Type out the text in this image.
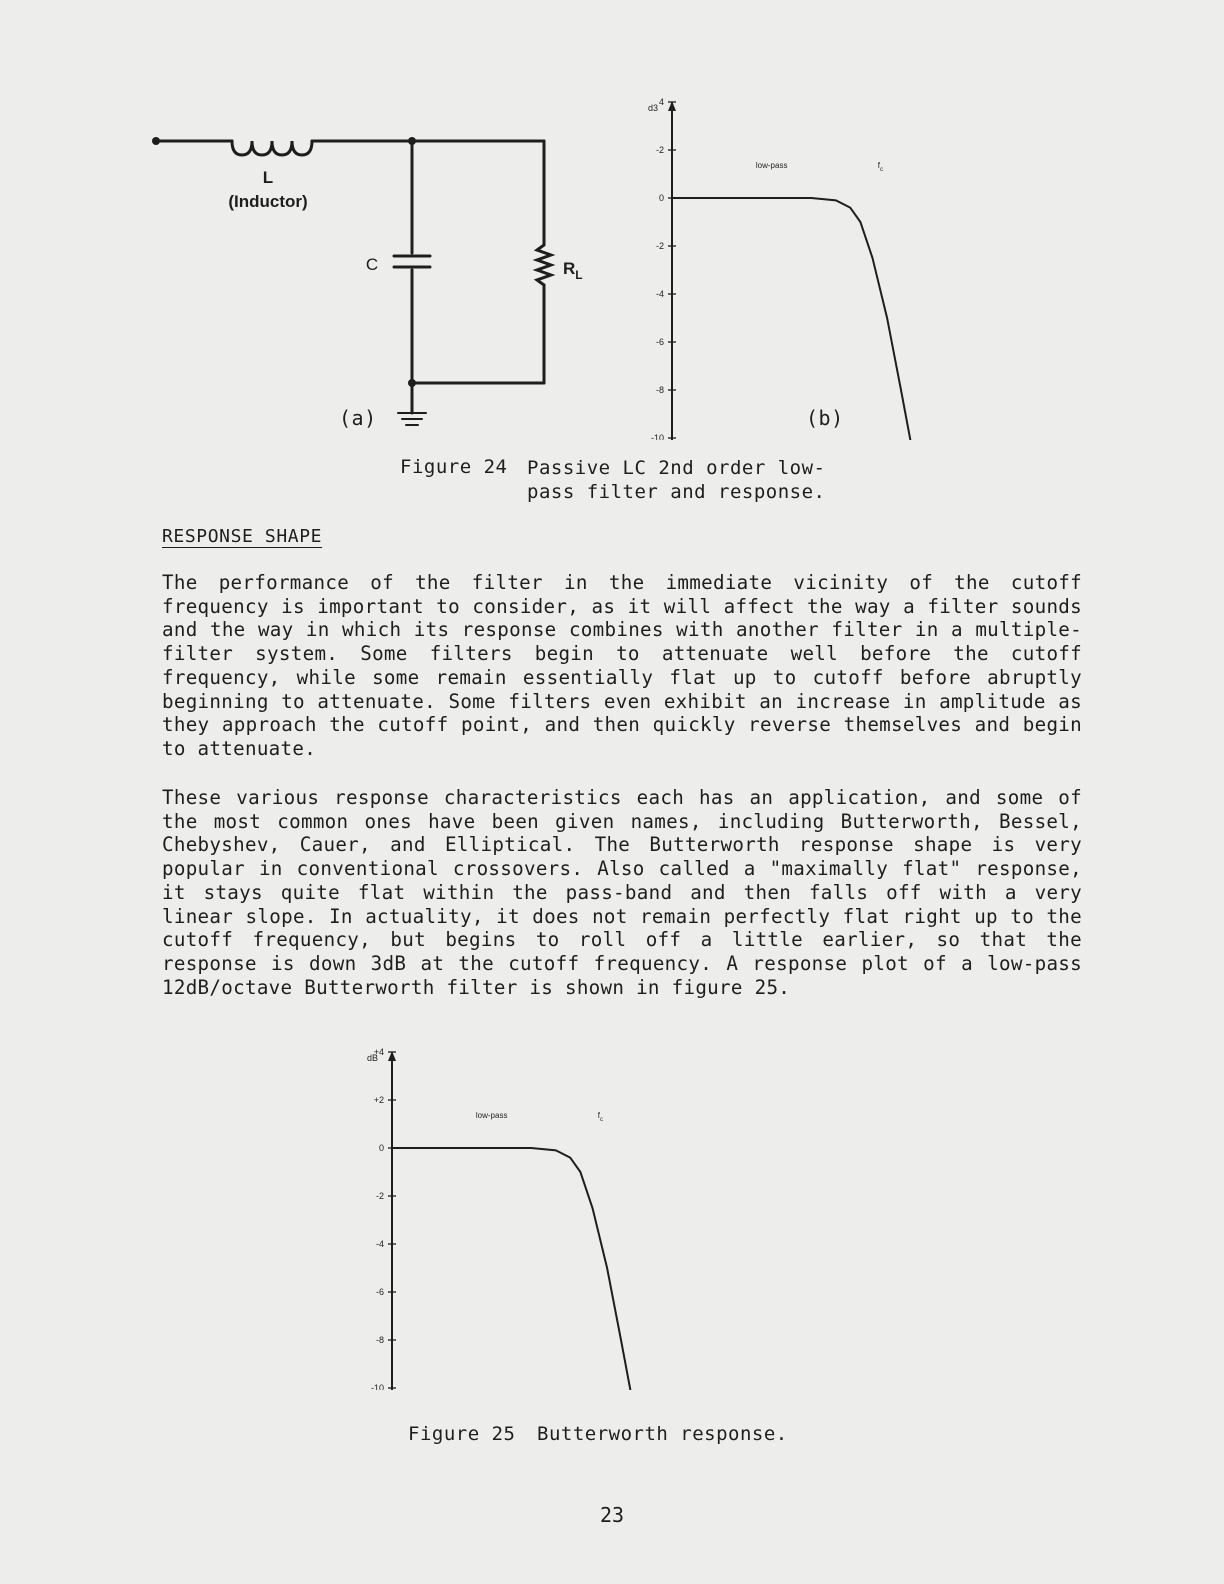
L
(Inductor)
C	$R_L$
(a)
d3
4
-2
0
-2
-4
-6
-8
-10
low-pass	$f_c$
(b)
Figure 24 Passive LC 2nd order low-
pass filter and response.
RESPONSE SHAPE
The performance of the filter in the immediate vicinity of the cutoff frequency is important to consider, as it will affect the way a filter sounds and the way in which its response combines with another filter in a multiple-filter system. Some filters begin to attenuate well before the cutoff frequency, while some remain essentially flat up to cutoff before abruptly beginning to attenuate. Some filters even exhibit an increase in amplitude as they approach the cutoff point, and then quickly reverse themselves and begin to attenuate.
These various response characteristics each has an application, and some of the most common ones have been given names, including Butterworth, Bessel, Chebyshev, Cauer, and Elliptical. The Butterworth response shape is very popular in conventional crossovers. Also called a "maximally flat" response, it stays quite flat within the pass-band and then falls off with a very linear slope. In actuality, it does not remain perfectly flat right up to the cutoff frequency, but begins to roll off a little earlier, so that the response is down 3dB at the cutoff frequency. A response plot of a low-pass 12dB/octave Butterworth filter is shown in figure 25.
dB
+4
+2
0
-2
-4
-6
-8
-10
low-pass	$f_c$
Figure 25 Butterworth response.
23
